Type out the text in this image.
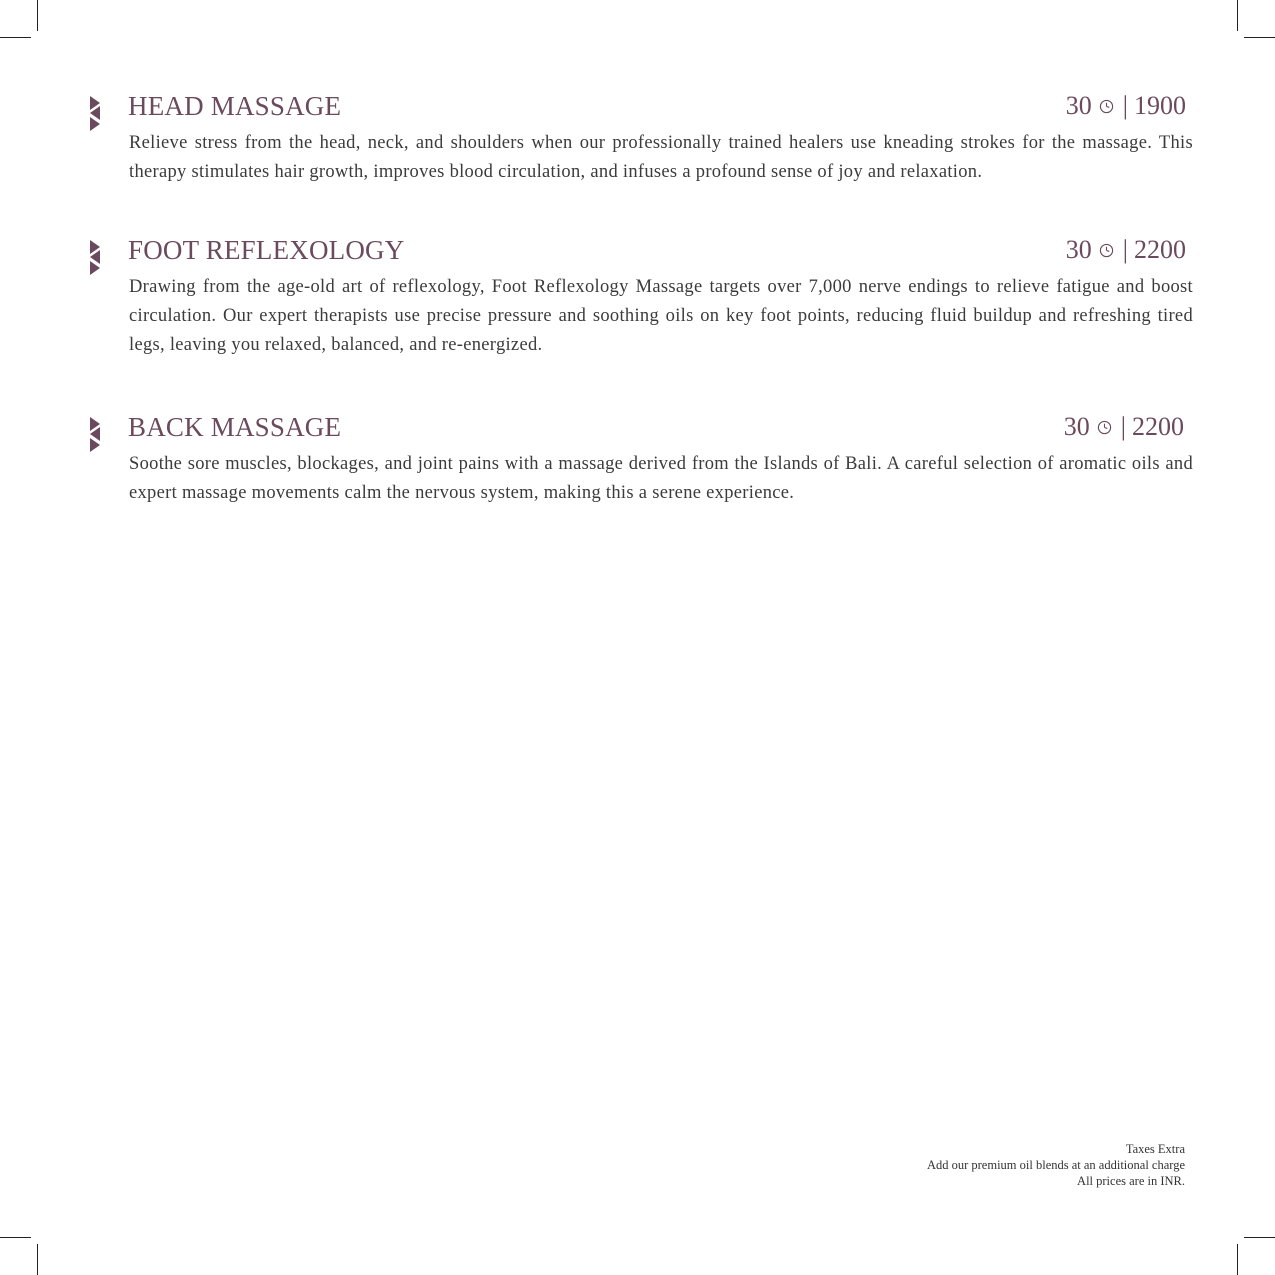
HEAD MASSAGE	30 | 1900
Relieve stress from the head, neck, and shoulders when our professionally trained healers use kneading strokes for the massage. This therapy stimulates hair growth, improves blood circulation, and infuses a profound sense of joy and relaxation.
FOOT REFLEXOLOGY	30 | 2200
Drawing from the age-old art of reflexology, Foot Reflexology Massage targets over 7,000 nerve endings to relieve fatigue and boost circulation. Our expert therapists use precise pressure and soothing oils on key foot points, reducing fluid buildup and refreshing tired legs, leaving you relaxed, balanced, and re-energized.
BACK MASSAGE	30 | 2200
Soothe sore muscles, blockages, and joint pains with a massage derived from the Islands of Bali. A careful selection of aromatic oils and expert massage movements calm the nervous system, making this a serene experience.
Taxes Extra
Add our premium oil blends at an additional charge
All prices are in INR.
